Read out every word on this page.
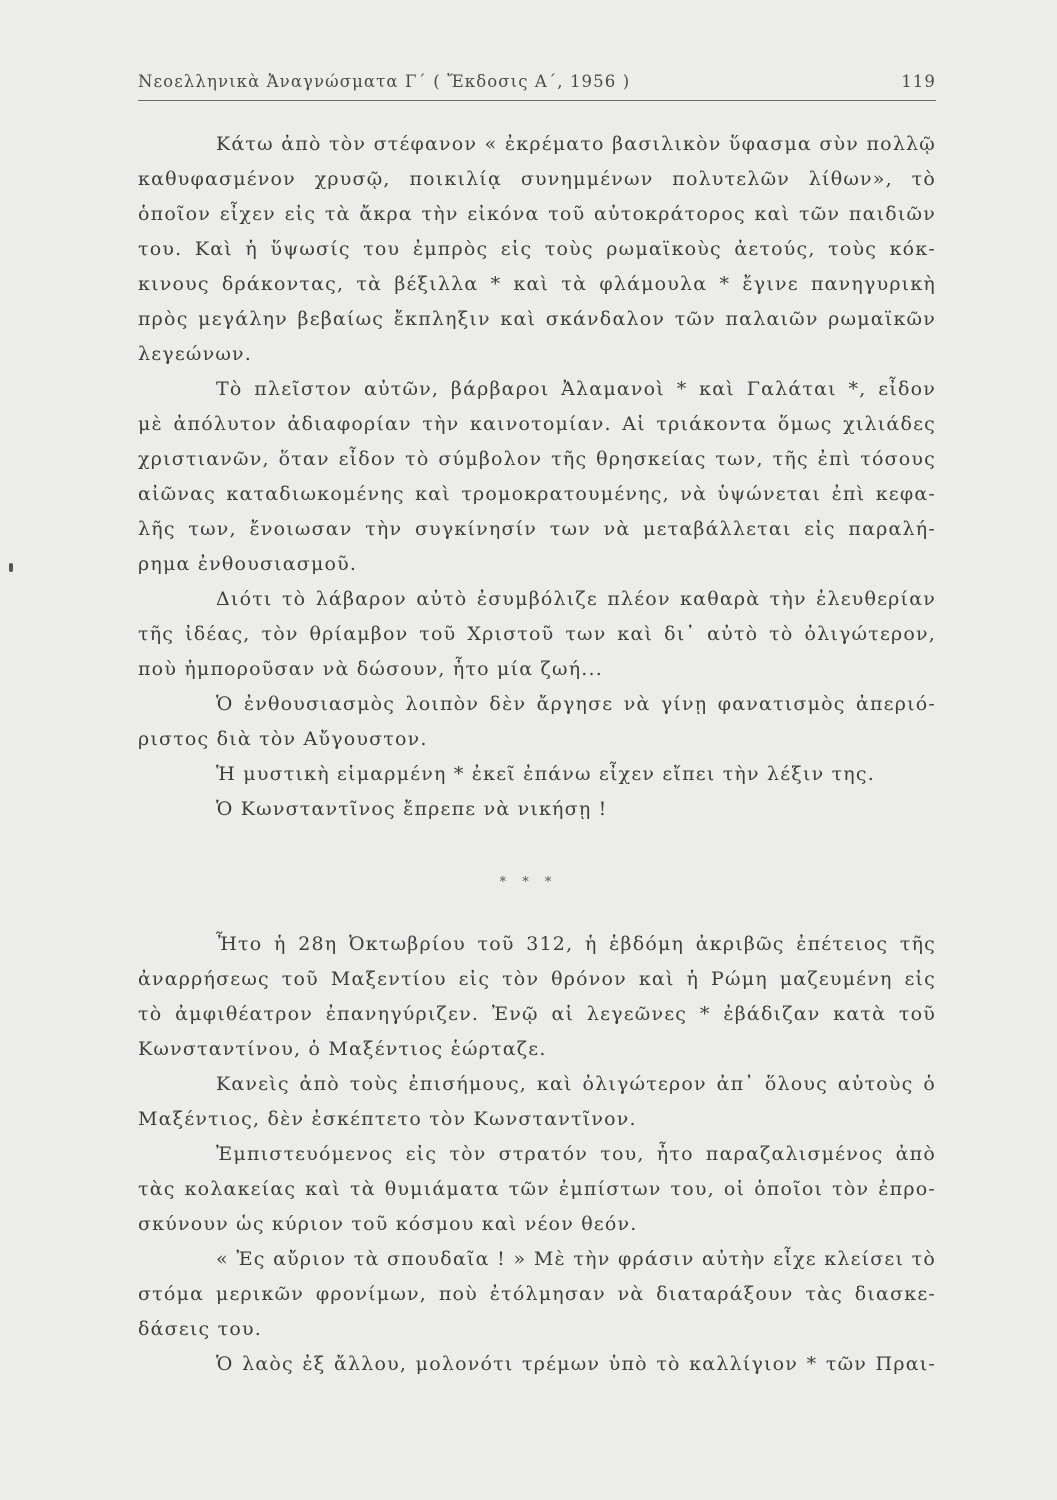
Νεοελληνικὰ Ἀναγνώσματα Γ΄ ( Ἔκδοσις Α΄, 1956 )	119
Κάτω ἀπὸ τὸν στέφανον « ἐκρέματο βασιλικὸν ὕφασμα σὺν πολλῷ
καθυφασμένον χρυσῷ, ποικιλίᾳ συνημμένων πολυτελῶν λίθων», τὸ
ὁποῖον εἶχεν εἰς τὰ ἄκρα τὴν εἰκόνα τοῦ αὐτοκράτορος καὶ τῶν παιδιῶν
του. Καὶ ἡ ὕψωσίς του ἐμπρὸς εἰς τοὺς ρωμαϊκοὺς ἀετούς, τοὺς κόκ-
κινους δράκοντας, τὰ βέξιλλα * καὶ τὰ φλάμουλα * ἔγινε πανηγυρικὴ
πρὸς μεγάλην βεβαίως ἔκπληξιν καὶ σκάνδαλον τῶν παλαιῶν ρωμαϊκῶν
λεγεώνων.
Τὸ πλεῖστον αὐτῶν, βάρβαροι Ἀλαμανοὶ * καὶ Γαλάται *, εἶδον
μὲ ἀπόλυτον ἀδιαφορίαν τὴν καινοτομίαν. Αἱ τριάκοντα ὅμως χιλιάδες
χριστιανῶν, ὅταν εἶδον τὸ σύμβολον τῆς θρησκείας των, τῆς ἐπὶ τόσους
αἰῶνας καταδιωκομένης καὶ τρομοκρατουμένης, νὰ ὑψώνεται ἐπὶ κεφα-
λῆς των, ἔνοιωσαν τὴν συγκίνησίν των νὰ μεταβάλλεται εἰς παραλή-
ρημα ἐνθουσιασμοῦ.
Διότι τὸ λάβαρον αὐτὸ ἐσυμβόλιζε πλέον καθαρὰ τὴν ἐλευθερίαν
τῆς ἰδέας, τὸν θρίαμβον τοῦ Χριστοῦ των καὶ δι᾿ αὐτὸ τὸ ὀλιγώτερον,
ποὺ ἠμποροῦσαν νὰ δώσουν, ἦτο μία ζωή...
Ὁ ἐνθουσιασμὸς λοιπὸν δὲν ἄργησε νὰ γίνῃ φανατισμὸς ἀπεριό-
ριστος διὰ τὸν Αὔγουστον.
Ἡ μυστικὴ εἱμαρμένη * ἐκεῖ ἐπάνω εἶχεν εἴπει τὴν λέξιν της.
Ὁ Κωνσταντῖνος ἔπρεπε νὰ νικήσῃ !
* * *
Ἦτο ἡ 28η Ὀκτωβρίου τοῦ 312, ἡ ἑβδόμη ἀκριβῶς ἐπέτειος τῆς
ἀναρρήσεως τοῦ Μαξεντίου εἰς τὸν θρόνον καὶ ἡ Ρώμη μαζευμένη εἰς
τὸ ἀμφιθέατρον ἐπανηγύριζεν. Ἐνῷ αἱ λεγεῶνες * ἐβάδιζαν κατὰ τοῦ
Κωνσταντίνου, ὁ Μαξέντιος ἑώρταζε.
Κανεὶς ἀπὸ τοὺς ἐπισήμους, καὶ ὀλιγώτερον ἀπ᾿ ὅλους αὐτοὺς ὁ
Μαξέντιος, δὲν ἐσκέπτετο τὸν Κωνσταντῖνον.
Ἐμπιστευόμενος εἰς τὸν στρατόν του, ἦτο παραζαλισμένος ἀπὸ
τὰς κολακείας καὶ τὰ θυμιάματα τῶν ἐμπίστων του, οἱ ὁποῖοι τὸν ἐπρο-
σκύνουν ὡς κύριον τοῦ κόσμου καὶ νέον θεόν.
« Ἐς αὔριον τὰ σπουδαῖα ! » Μὲ τὴν φράσιν αὐτὴν εἶχε κλείσει τὸ
στόμα μερικῶν φρονίμων, ποὺ ἐτόλμησαν νὰ διαταράξουν τὰς διασκε-
δάσεις του.
Ὁ λαὸς ἐξ ἄλλου, μολονότι τρέμων ὑπὸ τὸ καλλίγιον * τῶν Πραι-
